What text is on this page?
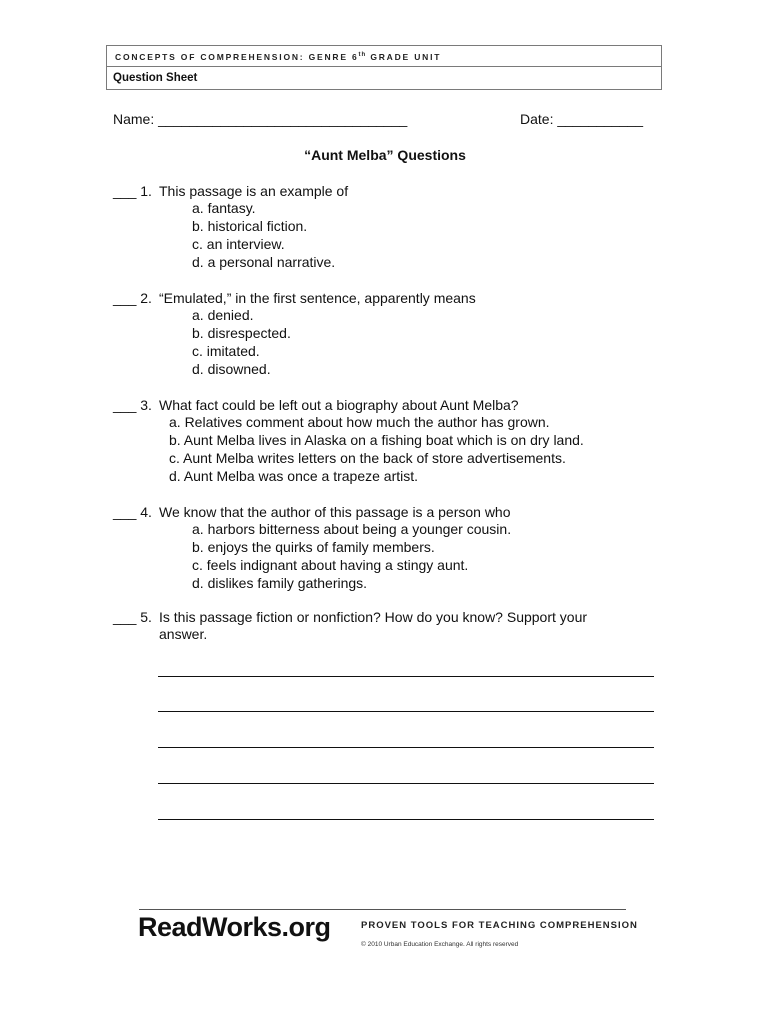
CONCEPTS OF COMPREHENSION: GENRE 6th GRADE UNIT
Question Sheet
Name: ________________________________	Date: ___________
“Aunt Melba” Questions
___ 1. This passage is an example of
a. fantasy.
b. historical fiction.
c. an interview.
d. a personal narrative.
___ 2. “Emulated,” in the first sentence, apparently means
a. denied.
b. disrespected.
c. imitated.
d. disowned.
___ 3. What fact could be left out a biography about Aunt Melba?
a. Relatives comment about how much the author has grown.
b. Aunt Melba lives in Alaska on a fishing boat which is on dry land.
c. Aunt Melba writes letters on the back of store advertisements.
d. Aunt Melba was once a trapeze artist.
___ 4. We know that the author of this passage is a person who
a. harbors bitterness about being a younger cousin.
b. enjoys the quirks of family members.
c. feels indignant about having a stingy aunt.
d. dislikes family gatherings.
___ 5. Is this passage fiction or nonfiction? How do you know? Support your
answer.
ReadWorks.org	PROVEN TOOLS FOR TEACHING COMPREHENSION
© 2010 Urban Education Exchange. All rights reserved
